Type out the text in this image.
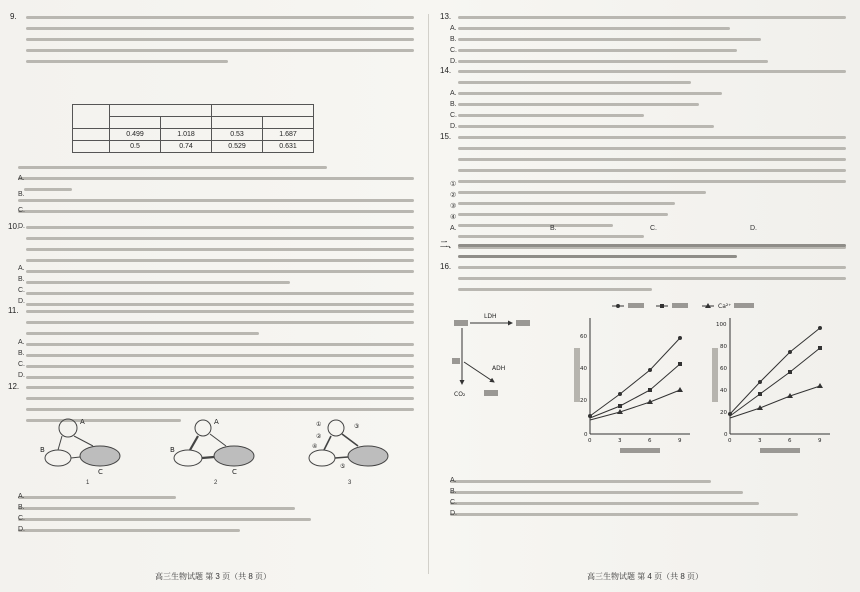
9.

	0.499	1.018	0.53	1.687
	0.5	0.74	0.529	0.631
A.
B.
C.
D.
10.
A.
B.
C.
D.
11.
A.
B.
C.
D.
12.
A
B
C
A
B
C
①
②
③
④
⑤
1	2	3
A.
B.
C.
D.
高三生物试题 第 3 页（共 8 页）
13.
A.
B.
C.
D.
14.
A.
B.
C.
D.
15.
①
②
③
④
A.	B.	C.	D.
二、
16.
LDH
ADH
CO₂
Ca²⁺
60
40
20
0
0	3	6	9
100
80
60
40
20
0
0	3	6	9
A.
B.
C.
D.
高三生物试题 第 4 页（共 8 页）
